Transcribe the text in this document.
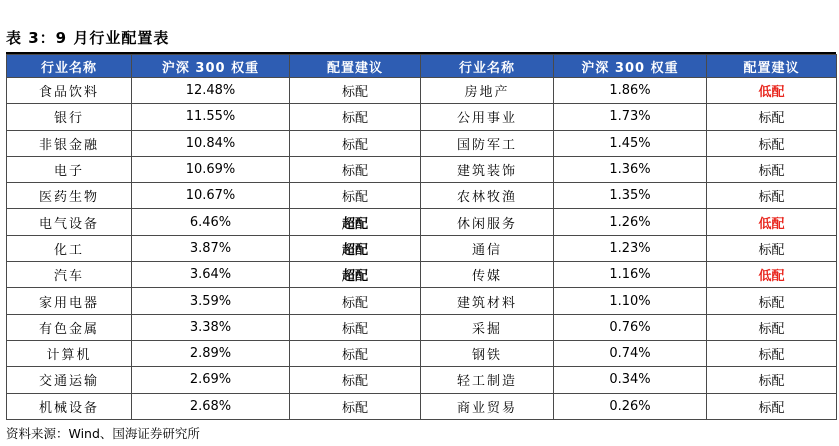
表 3：9 月行业配置表
行业名称	沪深 300 权重	配置建议	行业名称	沪深 300 权重	配置建议
食品饮料	12.48%	标配	房地产	1.86%	低配
银行	11.55%	标配	公用事业	1.73%	标配
非银金融	10.84%	标配	国防军工	1.45%	标配
电子	10.69%	标配	建筑装饰	1.36%	标配
医药生物	10.67%	标配	农林牧渔	1.35%	标配
电气设备	6.46%	超配	休闲服务	1.26%	低配
化工	3.87%	超配	通信	1.23%	标配
汽车	3.64%	超配	传媒	1.16%	低配
家用电器	3.59%	标配	建筑材料	1.10%	标配
有色金属	3.38%	标配	采掘	0.76%	标配
计算机	2.89%	标配	钢铁	0.74%	标配
交通运输	2.69%	标配	轻工制造	0.34%	标配
机械设备	2.68%	标配	商业贸易	0.26%	标配
资料来源：Wind、国海证券研究所
